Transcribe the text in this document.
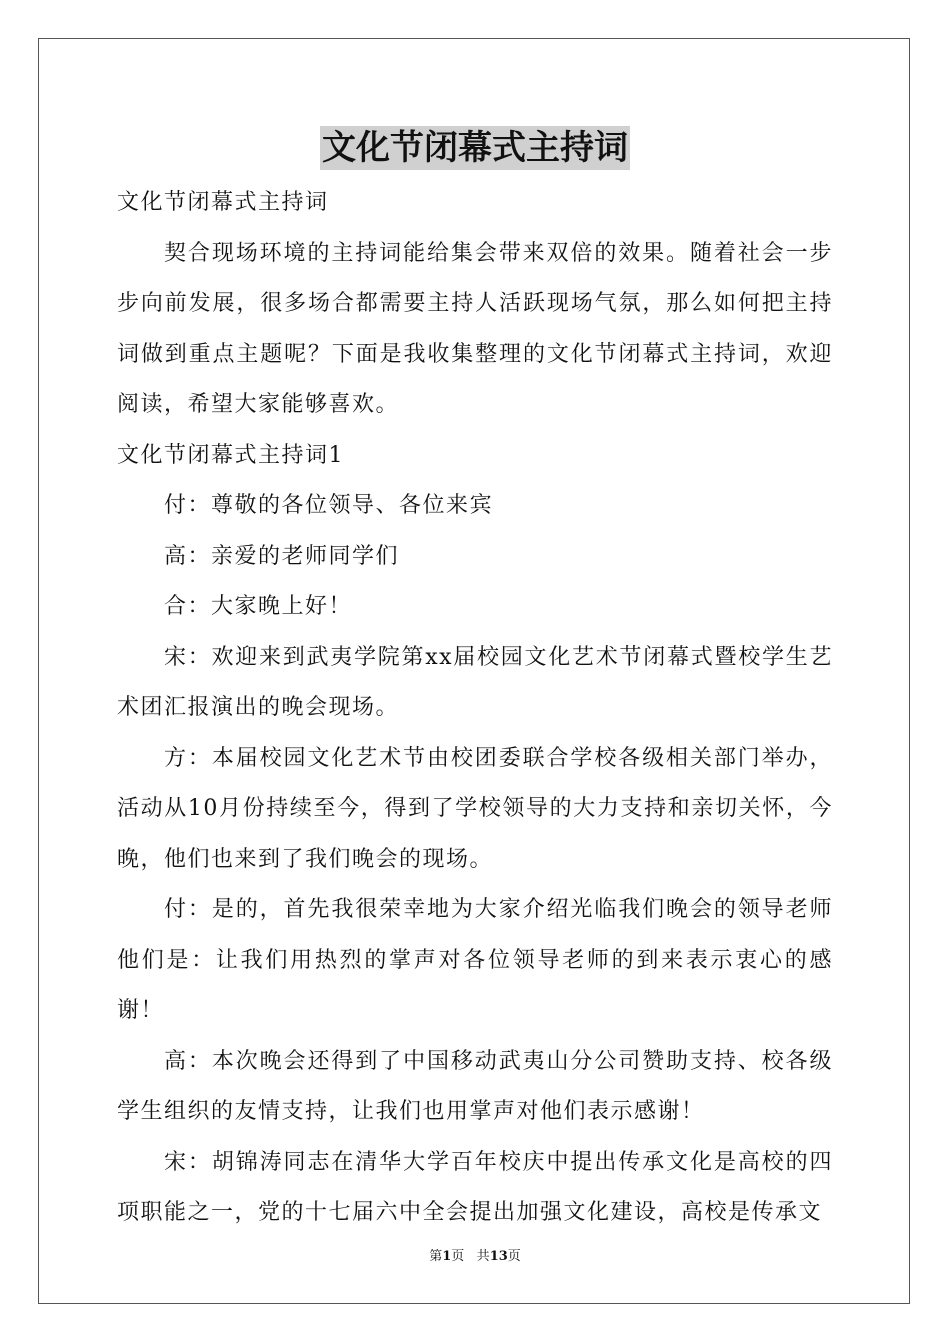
文化节闭幕式主持词

文化节闭幕式主持词

契合现场环境的主持词能给集会带来双倍的效果。随着社会一步步向前发展，很多场合都需要主持人活跃现场气氛，那么如何把主持词做到重点主题呢？下面是我收集整理的文化节闭幕式主持词，欢迎阅读，希望大家能够喜欢。

文化节闭幕式主持词1

付：尊敬的各位领导、各位来宾

高：亲爱的老师同学们

合：大家晚上好！

宋：欢迎来到武夷学院第xx届校园文化艺术节闭幕式暨校学生艺术团汇报演出的晚会现场。

方：本届校园文化艺术节由校团委联合学校各级相关部门举办，活动从10月份持续至今，得到了学校领导的大力支持和亲切关怀，今晚，他们也来到了我们晚会的现场。

付：是的，首先我很荣幸地为大家介绍光临我们晚会的领导老师他们是：让我们用热烈的掌声对各位领导老师的到来表示衷心的感谢！

高：本次晚会还得到了中国移动武夷山分公司赞助支持、校各级学生组织的友情支持，让我们也用掌声对他们表示感谢！

宋：胡锦涛同志在清华大学百年校庆中提出传承文化是高校的四项职能之一，党的十七届六中全会提出加强文化建设，高校是传承文

第1页 共13页
